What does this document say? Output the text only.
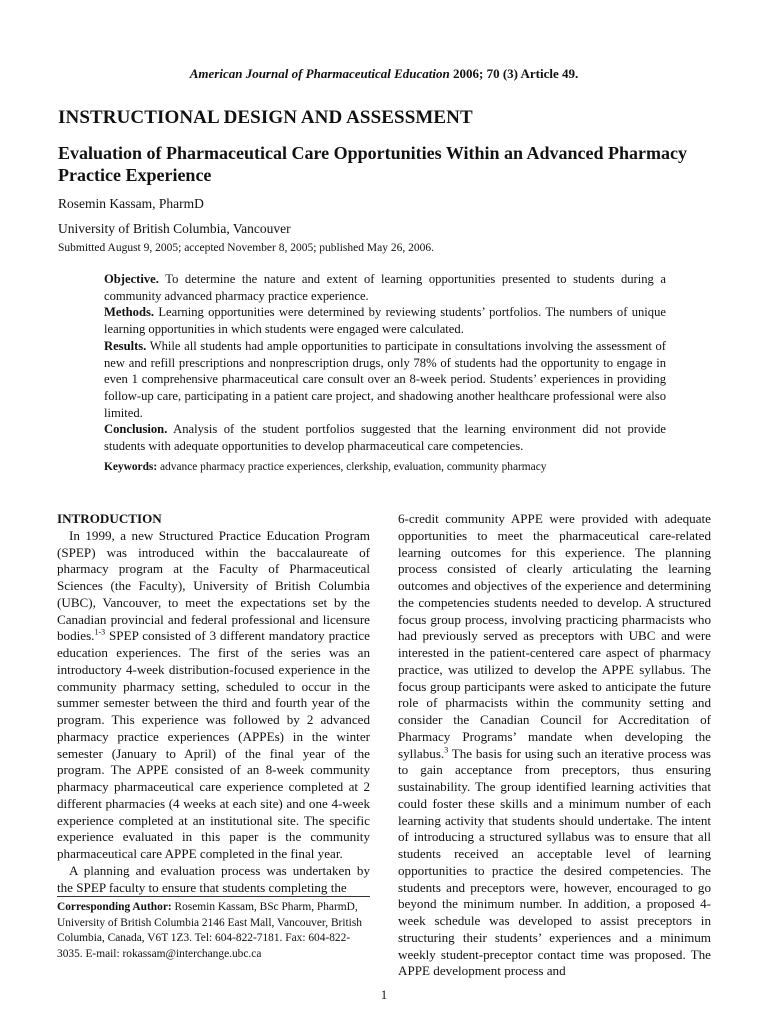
American Journal of Pharmaceutical Education 2006; 70 (3) Article 49.
INSTRUCTIONAL DESIGN AND ASSESSMENT
Evaluation of Pharmaceutical Care Opportunities Within an Advanced Pharmacy Practice Experience
Rosemin Kassam, PharmD
University of British Columbia, Vancouver
Submitted August 9, 2005; accepted November 8, 2005; published May 26, 2006.

Objective. To determine the nature and extent of learning opportunities presented to students during a community advanced pharmacy practice experience.

Methods. Learning opportunities were determined by reviewing students’ portfolios. The numbers of unique learning opportunities in which students were engaged were calculated.

Results. While all students had ample opportunities to participate in consultations involving the assessment of new and refill prescriptions and nonprescription drugs, only 78% of students had the opportunity to engage in even 1 comprehensive pharmaceutical care consult over an 8-week period. Students’ experiences in providing follow-up care, participating in a patient care project, and shadowing another healthcare professional were also limited.

Conclusion. Analysis of the student portfolios suggested that the learning environment did not provide students with adequate opportunities to develop pharmaceutical care competencies.

Keywords: advance pharmacy practice experiences, clerkship, evaluation, community pharmacy

INTRODUCTION

In 1999, a new Structured Practice Education Program (SPEP) was introduced within the baccalaureate of pharmacy program at the Faculty of Pharmaceutical Sciences (the Faculty), University of British Columbia (UBC), Vancouver, to meet the expectations set by the Canadian provincial and federal professional and licensure bodies.$^{1-3}$ SPEP consisted of 3 different mandatory practice education experiences. The first of the series was an introductory 4-week distribution-focused experience in the community pharmacy setting, scheduled to occur in the summer semester between the third and fourth year of the program. This experience was followed by 2 advanced pharmacy practice experiences (APPEs) in the winter semester (January to April) of the final year of the program. The APPE consisted of an 8-week community pharmacy pharmaceutical care experience completed at 2 different pharmacies (4 weeks at each site) and one 4-week experience completed at an institutional site. The specific experience evaluated in this paper is the community pharmaceutical care APPE completed in the final year.

A planning and evaluation process was undertaken by the SPEP faculty to ensure that students completing the

6-credit community APPE were provided with adequate opportunities to meet the pharmaceutical care-related learning outcomes for this experience. The planning process consisted of clearly articulating the learning outcomes and objectives of the experience and determining the competencies students needed to develop. A structured focus group process, involving practicing pharmacists who had previously served as preceptors with UBC and were interested in the patient-centered care aspect of pharmacy practice, was utilized to develop the APPE syllabus. The focus group participants were asked to anticipate the future role of pharmacists within the community setting and consider the Canadian Council for Accreditation of Pharmacy Programs’ mandate when developing the syllabus.$^3$ The basis for using such an iterative process was to gain acceptance from preceptors, thus ensuring sustainability. The group identified learning activities that could foster these skills and a minimum number of each learning activity that students should undertake. The intent of introducing a structured syllabus was to ensure that all students received an acceptable level of learning opportunities to practice the desired competencies. The students and preceptors were, however, encouraged to go beyond the minimum number. In addition, a proposed 4-week schedule was developed to assist preceptors in structuring their students’ experiences and a minimum weekly student-preceptor contact time was proposed. The APPE development process and

Corresponding Author: Rosemin Kassam, BSc Pharm, PharmD, University of British Columbia 2146 East Mall, Vancouver, British Columbia, Canada, V6T 1Z3. Tel: 604-822-7181. Fax: 604-822-3035. E-mail: rokassam@interchange.ubc.ca
1
